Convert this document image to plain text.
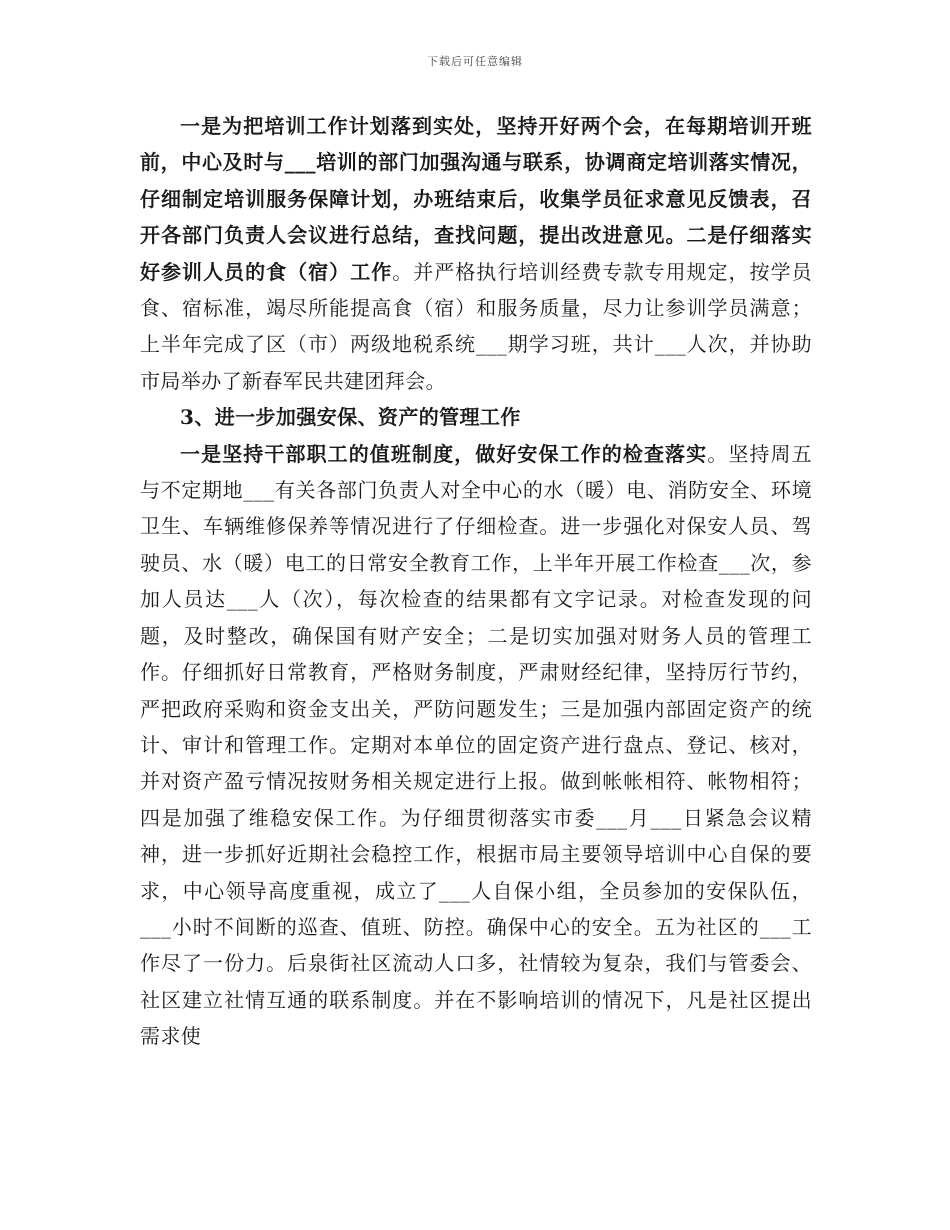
下载后可任意编辑

一是为把培训工作计划落到实处，坚持开好两个会，在每期培训开班前，中心及时与___培训的部门加强沟通与联系，协调商定培训落实情况，仔细制定培训服务保障计划，办班结束后，收集学员征求意见反馈表，召开各部门负责人会议进行总结，查找问题，提出改进意见。二是仔细落实好参训人员的食（宿）工作。并严格执行培训经费专款专用规定，按学员食、宿标准，竭尽所能提高食（宿）和服务质量，尽力让参训学员满意；上半年完成了区（市）两级地税系统___期学习班，共计___人次，并协助市局举办了新春军民共建团拜会。

3、进一步加强安保、资产的管理工作

一是坚持干部职工的值班制度，做好安保工作的检查落实。坚持周五与不定期地___有关各部门负责人对全中心的水（暖）电、消防安全、环境卫生、车辆维修保养等情况进行了仔细检查。进一步强化对保安人员、驾驶员、水（暖）电工的日常安全教育工作，上半年开展工作检查___次，参加人员达___人（次），每次检查的结果都有文字记录。对检查发现的问题，及时整改，确保国有财产安全；二是切实加强对财务人员的管理工作。仔细抓好日常教育，严格财务制度，严肃财经纪律，坚持厉行节约，严把政府采购和资金支出关，严防问题发生；三是加强内部固定资产的统计、审计和管理工作。定期对本单位的固定资产进行盘点、登记、核对，并对资产盈亏情况按财务相关规定进行上报。做到帐帐相符、帐物相符；四是加强了维稳安保工作。为仔细贯彻落实市委___月___日紧急会议精神，进一步抓好近期社会稳控工作，根据市局主要领导培训中心自保的要求，中心领导高度重视，成立了___人自保小组，全员参加的安保队伍，___小时不间断的巡查、值班、防控。确保中心的安全。五为社区的___工作尽了一份力。后泉街社区流动人口多，社情较为复杂，我们与管委会、社区建立社情互通的联系制度。并在不影响培训的情况下，凡是社区提出需求使
